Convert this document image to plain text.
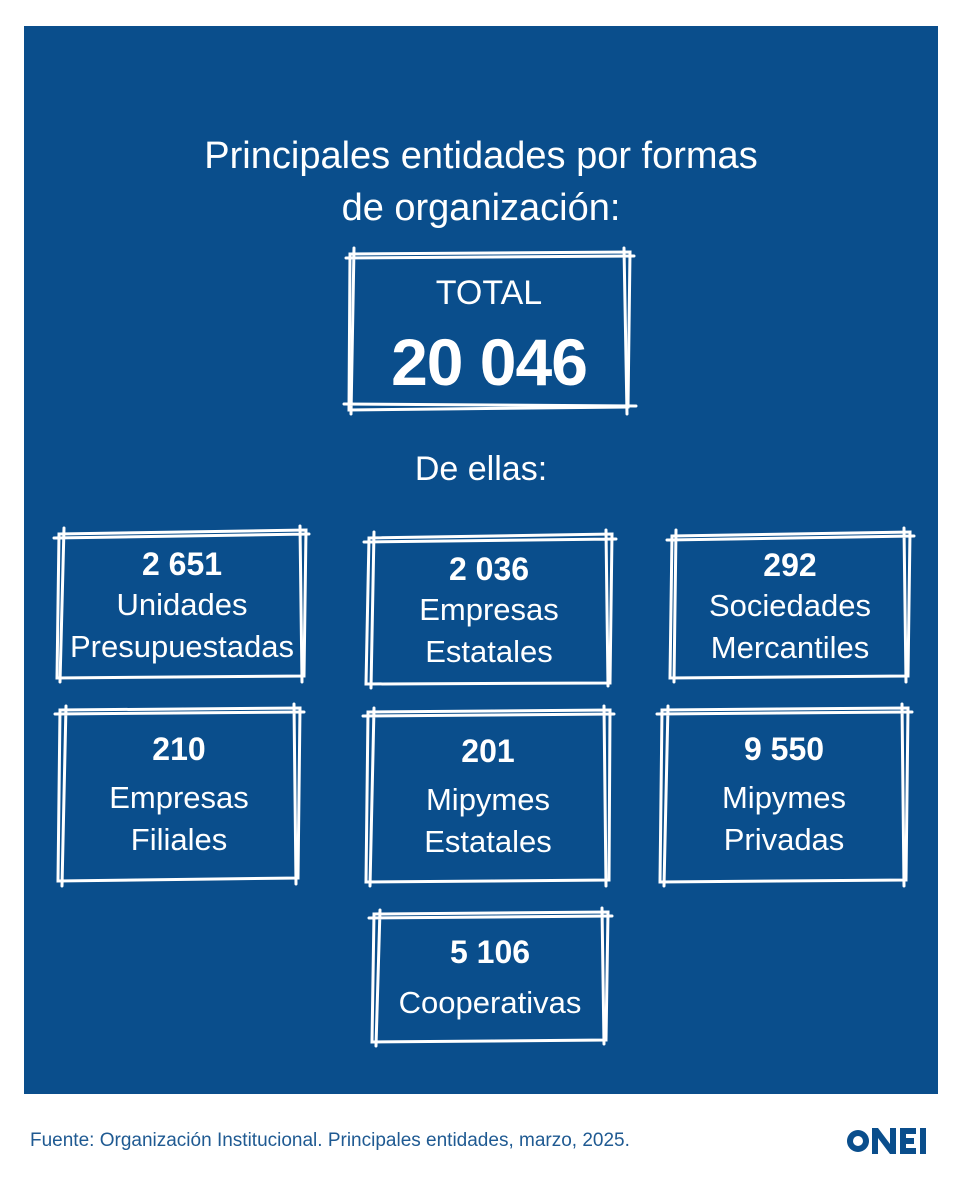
Principales entidades por formas
de organización:
TOTAL
20 046
De ellas:
2 651
Unidades
Presupuestadas
2 036
Empresas
Estatales
292
Sociedades
Mercantiles
210
Empresas
Filiales
201
Mipymes
Estatales
9 550
Mipymes
Privadas
5 106
Cooperativas
Fuente: Organización Institucional. Principales entidades, marzo, 2025.
